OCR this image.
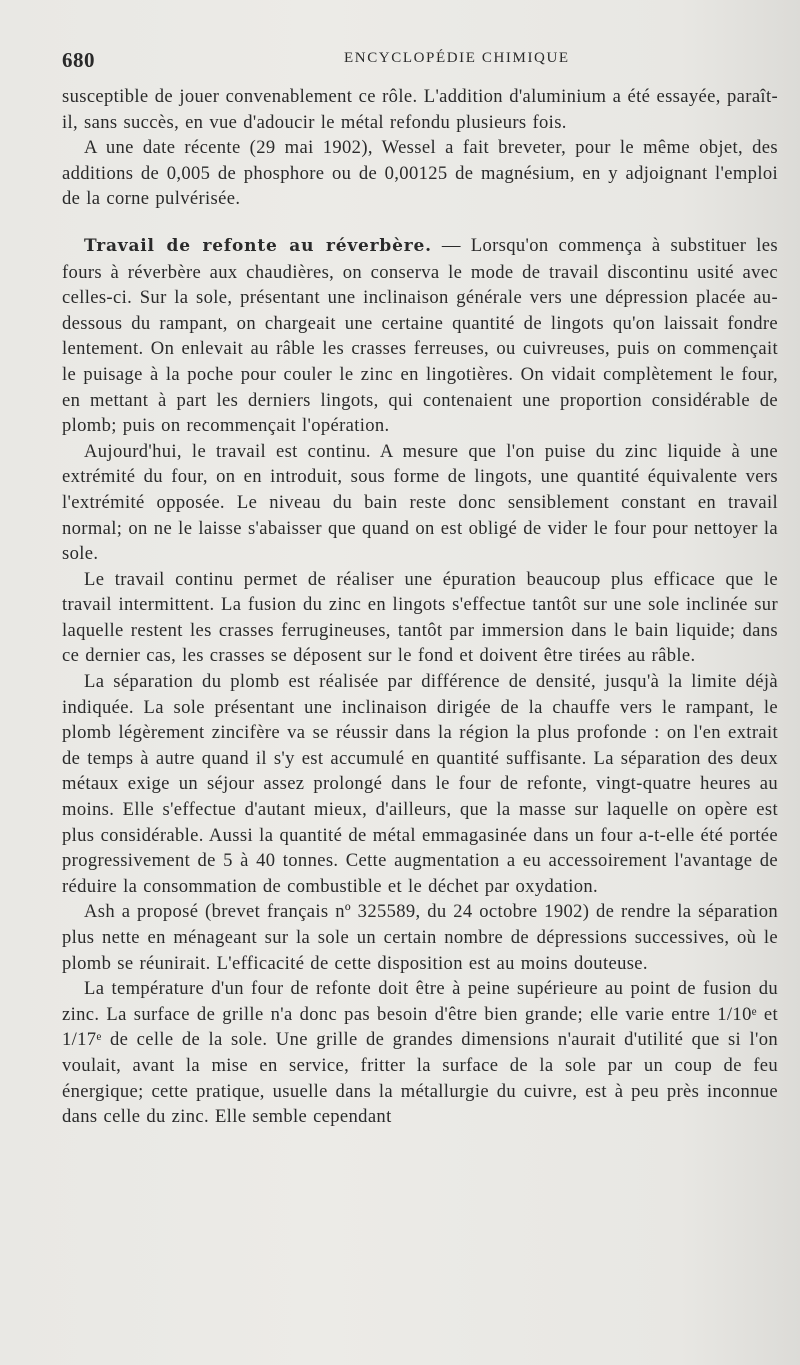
680	ENCYCLOPÉDIE CHIMIQUE

susceptible de jouer convenablement ce rôle. L'addition d'aluminium a été essayée, paraît-il, sans succès, en vue d'adoucir le métal refondu plusieurs fois.

A une date récente (29 mai 1902), Wessel a fait breveter, pour le même objet, des additions de 0,005 de phosphore ou de 0,00125 de magnésium, en y adjoignant l'emploi de la corne pulvérisée.

Travail de refonte au réverbère. — Lorsqu'on commença à substituer les fours à réverbère aux chaudières, on conserva le mode de travail discontinu usité avec celles-ci. Sur la sole, présentant une inclinaison générale vers une dépression placée au-dessous du rampant, on chargeait une certaine quantité de lingots qu'on laissait fondre lentement. On enlevait au râble les crasses ferreuses, ou cuivreuses, puis on commençait le puisage à la poche pour couler le zinc en lingotières. On vidait complètement le four, en mettant à part les derniers lingots, qui contenaient une proportion considérable de plomb; puis on recommençait l'opération.

Aujourd'hui, le travail est continu. A mesure que l'on puise du zinc liquide à une extrémité du four, on en introduit, sous forme de lingots, une quantité équivalente vers l'extrémité opposée. Le niveau du bain reste donc sensiblement constant en travail normal; on ne le laisse s'abaisser que quand on est obligé de vider le four pour nettoyer la sole.

Le travail continu permet de réaliser une épuration beaucoup plus efficace que le travail intermittent. La fusion du zinc en lingots s'effectue tantôt sur une sole inclinée sur laquelle restent les crasses ferrugineuses, tantôt par immersion dans le bain liquide; dans ce dernier cas, les crasses se déposent sur le fond et doivent être tirées au râble.

La séparation du plomb est réalisée par différence de densité, jusqu'à la limite déjà indiquée. La sole présentant une inclinaison dirigée de la chauffe vers le rampant, le plomb légèrement zincifère va se réussir dans la région la plus profonde : on l'en extrait de temps à autre quand il s'y est accumulé en quantité suffisante. La séparation des deux métaux exige un séjour assez prolongé dans le four de refonte, vingt-quatre heures au moins. Elle s'effectue d'autant mieux, d'ailleurs, que la masse sur laquelle on opère est plus considérable. Aussi la quantité de métal emmagasinée dans un four a-t-elle été portée progressivement de 5 à 40 tonnes. Cette augmentation a eu accessoirement l'avantage de réduire la consommation de combustible et le déchet par oxydation.

Ash a proposé (brevet français nº 325589, du 24 octobre 1902) de rendre la séparation plus nette en ménageant sur la sole un certain nombre de dépressions successives, où le plomb se réunirait. L'efficacité de cette disposition est au moins douteuse.

La température d'un four de refonte doit être à peine supérieure au point de fusion du zinc. La surface de grille n'a donc pas besoin d'être bien grande; elle varie entre 1/10ᵉ et 1/17ᵉ de celle de la sole. Une grille de grandes dimensions n'aurait d'utilité que si l'on voulait, avant la mise en service, fritter la surface de la sole par un coup de feu énergique; cette pratique, usuelle dans la métallurgie du cuivre, est à peu près inconnue dans celle du zinc. Elle semble cependant
